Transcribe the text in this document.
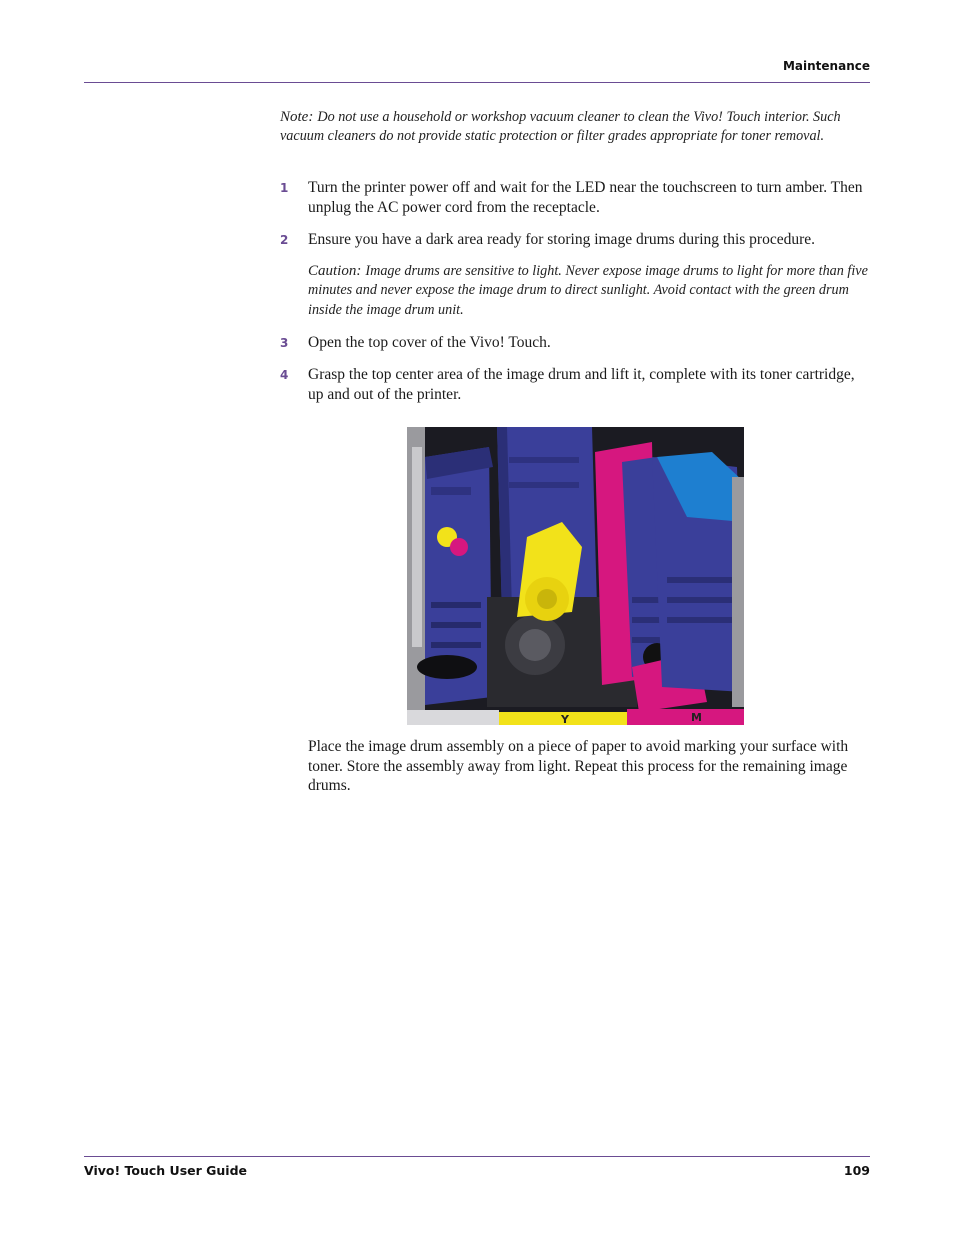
Maintenance
Note: Do not use a household or workshop vacuum cleaner to clean the Vivo! Touch interior. Such vacuum cleaners do not provide static protection or filter grades appropriate for toner removal.
1 Turn the printer power off and wait for the LED near the touchscreen to turn amber. Then unplug the AC power cord from the receptacle.
2 Ensure you have a dark area ready for storing image drums during this procedure.
Caution: Image drums are sensitive to light. Never expose image drums to light for more than five minutes and never expose the image drum to direct sunlight. Avoid contact with the green drum inside the image drum unit.
3 Open the top cover of the Vivo! Touch.
4 Grasp the top center area of the image drum and lift it, complete with its toner cartridge, up and out of the printer.
Y	M
Place the image drum assembly on a piece of paper to avoid marking your surface with toner. Store the assembly away from light. Repeat this process for the remaining image drums.
Vivo! Touch User Guide	109
